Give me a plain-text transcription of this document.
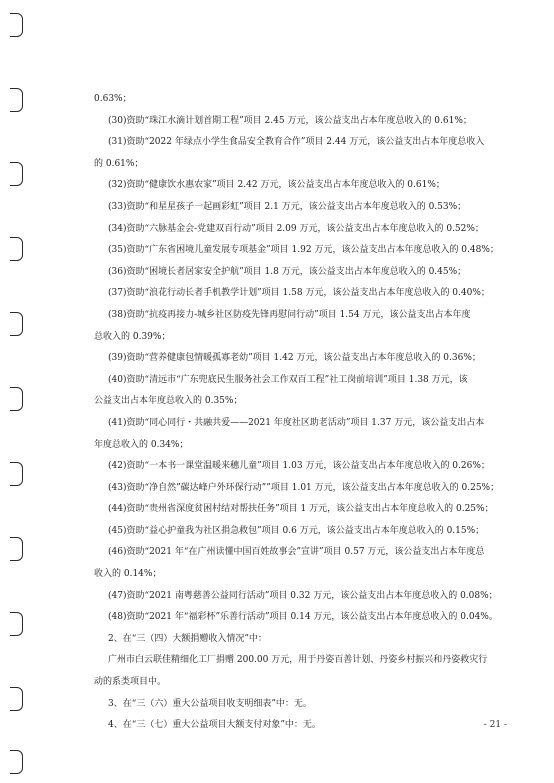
0.63%；

(30)资助“珠江水滴计划首期工程”项目 2.45 万元，该公益支出占本年度总收入的 0.61%；

(31)资助“2022 年绿点小学生食品安全教育合作”项目 2.44 万元，该公益支出占本年度总收入

的 0.61%；

(32)资助“健康饮水惠农家”项目 2.42 万元，该公益支出占本年度总收入的 0.61%；

(33)资助“和星星孩子一起画彩虹”项目 2.1 万元，该公益支出占本年度总收入的 0.53%；

(34)资助“六脉基金会-党建双百行动”项目 2.09 万元，该公益支出占本年度总收入的 0.52%；

(35)资助“广东省困境儿童发展专项基金”项目 1.92 万元，该公益支出占本年度总收入的 0.48%；

(36)资助“困境长者居家安全护航”项目 1.8 万元，该公益支出占本年度总收入的 0.45%；

(37)资助“浪花行动长者手机教学计划”项目 1.58 万元，该公益支出占本年度总收入的 0.40%；

(38)资助“抗疫再接力-城乡社区防疫先锋再慰问行动”项目 1.54 万元，该公益支出占本年度

总收入的 0.39%；

(39)资助“营养健康包情暖孤寡老幼”项目 1.42 万元，该公益支出占本年度总收入的 0.36%；

(40)资助“清远市“广东兜底民生服务社会工作双百工程”社工岗前培训”项目 1.38 万元，该

公益支出占本年度总收入的 0.35%；

(41)资助“同心同行・共融共爱——2021 年度社区助老活动”项目 1.37 万元，该公益支出占本

年度总收入的 0.34%；

(42)资助“一本书一课堂温暖来穗儿童”项目 1.03 万元，该公益支出占本年度总收入的 0.26%；

(43)资助“净自然”碳达峰户外环保行动””项目 1.01 万元，该公益支出占本年度总收入的 0.25%；

(44)资助“贵州省深度贫困村结对帮扶任务”项目 1 万元，该公益支出占本年度总收入的 0.25%；

(45)资助“益心护童我为社区捐急救包”项目 0.6 万元，该公益支出占本年度总收入的 0.15%；

(46)资助“2021 年“在广州读懂中国百姓故事会”宣讲”项目 0.57 万元，该公益支出占本年度总

收入的 0.14%；

(47)资助“2021 南粤慈善公益同行活动”项目 0.32 万元，该公益支出占本年度总收入的 0.08%；

(48)资助“2021 年“福彩杯”乐善行活动”项目 0.14 万元，该公益支出占本年度总收入的 0.04%。

2、在“三（四）大额捐赠收入情况”中：

广州市白云联佳精细化工厂捐赠 200.00 万元，用于丹姿百善计划、丹姿乡村振兴和丹姿救灾行

动的系类项目中。

3、在“三（六）重大公益项目收支明细表”中：无。

4、在“三（七）重大公益项目大额支付对象”中：无。	- 21 -
